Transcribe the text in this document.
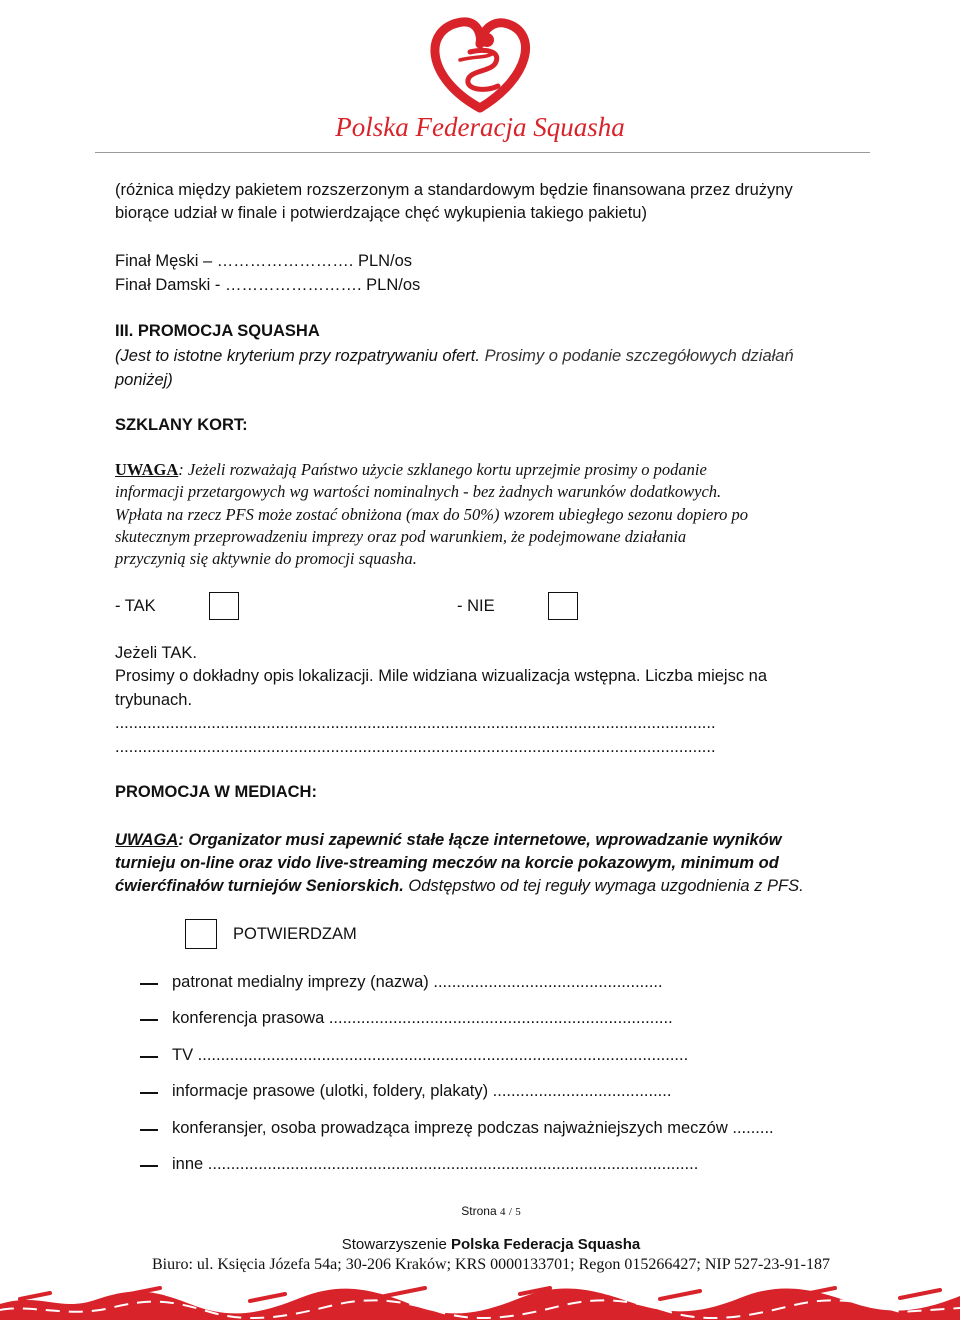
Polska Federacja Squasha
(różnica między pakietem rozszerzonym a standardowym będzie finansowana przez drużyny
biorące udział w finale i potwierdzające chęć wykupienia takiego pakietu)
Finał Męski – ……………………. PLN/os
Finał Damski - ……………………. PLN/os
III. PROMOCJA SQUASHA
(Jest to istotne kryterium przy rozpatrywaniu ofert. Prosimy o podanie szczegółowych działań
poniżej)
SZKLANY KORT:
UWAGA: Jeżeli rozważają Państwo użycie szklanego kortu uprzejmie prosimy o podanie
informacji przetargowych wg wartości nominalnych - bez żadnych warunków dodatkowych.
Wpłata na rzecz PFS może zostać obniżona (max do 50%) wzorem ubiegłego sezonu dopiero po
skutecznym przeprowadzeniu imprezy oraz pod warunkiem, że podejmowane działania
przyczynią się aktywnie do promocji squasha.
- TAK	- NIE
Jeżeli TAK.
Prosimy o dokładny opis lokalizacji. Mile widziana wizualizacja wstępna. Liczba miejsc na
trybunach.
...................................................................................................................................
...................................................................................................................................
PROMOCJA W MEDIACH:
UWAGA: Organizator musi zapewnić stałe łącze internetowe, wprowadzanie wyników
turnieju on-line oraz vido live-streaming meczów na korcie pokazowym, minimum od
ćwierćfinałów turniejów Seniorskich. Odstępstwo od tej reguły wymaga uzgodnienia z PFS.
POTWIERDZAM
patronat medialny imprezy (nazwa) ..................................................
konferencja prasowa ...........................................................................
TV ...........................................................................................................
informacje prasowe (ulotki, foldery, plakaty) .......................................
konferansjer, osoba prowadząca imprezę podczas najważniejszych meczów .........
inne ...........................................................................................................
Strona 4 / 5
Stowarzyszenie Polska Federacja Squasha
Biuro: ul. Księcia Józefa 54a; 30-206 Kraków; KRS 0000133701; Regon 015266427; NIP 527-23-91-187
